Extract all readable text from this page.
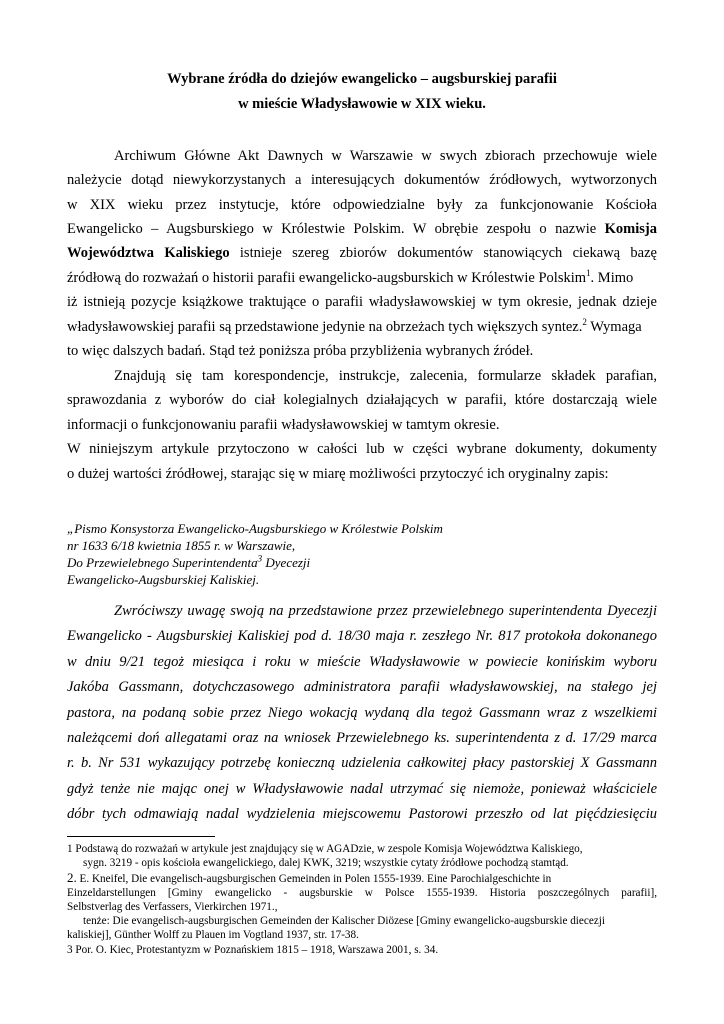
Wybrane źródła do dziejów ewangelicko – augsburskiej parafii
w mieście Władysławowie w XIX wieku.
Archiwum Główne Akt Dawnych w Warszawie w swych zbiorach przechowuje wiele
należycie dotąd niewykorzystanych a interesujących dokumentów źródłowych, wytworzonych
w XIX wieku przez instytucje, które odpowiedzialne były za funkcjonowanie Kościoła
Ewangelicko – Augsburskiego w Królestwie Polskim. W obrębie zespołu o nazwie Komisja
Województwa Kaliskiego istnieje szereg zbiorów dokumentów stanowiących ciekawą bazę
źródłową do rozważań o historii parafii ewangelicko-augsburskich w Królestwie Polskim$^1$. Mimo
iż istnieją pozycje książkowe traktujące o parafii władysławowskiej w tym okresie, jednak dzieje
władysławowskiej parafii są przedstawione jedynie na obrzeżach tych większych syntez.$^2$ Wymaga
to więc dalszych badań. Stąd też poniższa próba przybliżenia wybranych źródeł.
Znajdują się tam korespondencje, instrukcje, zalecenia, formularze składek parafian,
sprawozdania z wyborów do ciał kolegialnych działających w parafii, które dostarczają wiele
informacji o funkcjonowaniu parafii władysławowskiej w tamtym okresie.
W niniejszym artykule przytoczono w całości lub w części wybrane dokumenty, dokumenty
o dużej wartości źródłowej, starając się w miarę możliwości przytoczyć ich oryginalny zapis:
„Pismo Konsystorza Ewangelicko-Augsburskiego w Królestwie Polskim
nr 1633 6/18 kwietnia 1855 r. w Warszawie,
Do Przewielebnego Superintendenta$^3$ Dyecezji
Ewangelicko-Augsburskiej Kaliskiej.
Zwróciwszy uwagę swoją na przedstawione przez przewielebnego superintendenta Dyecezji
Ewangelicko - Augsburskiej Kaliskiej pod d. 18/30 maja r. zeszłego Nr. 817 protokoła dokonanego
w dniu 9/21 tegoż miesiąca i roku w mieście Władysławowie w powiecie konińskim wyboru
Jakóba Gassmann, dotychczasowego administratora parafii władysławowskiej, na stałego jej
pastora, na podaną sobie przez Niego wokacją wydaną dla tegoż Gassmann wraz z wszelkiemi
należącemi doń allegatami oraz na wniosek Przewielebnego ks. superintendenta z d. 17/29 marca
r. b. Nr 531 wykazujący potrzebę konieczną udzielenia całkowitej płacy pastorskiej X Gassmann
gdyż tenże nie mając onej w Władysławowie nadal utrzymać się niemoże, ponieważ właściciele
dóbr tych odmawiają nadal wydzielenia miejscowemu Pastorowi przeszło od lat pięćdziesięciu
1 Podstawą do rozważań w artykule jest znajdujący się w AGADzie, w zespole Komisja Województwa Kaliskiego,
sygn. 3219 - opis kościoła ewangelickiego, dalej KWK, 3219; wszystkie cytaty źródłowe pochodzą stamtąd.
2. E. Kneifel, Die evangelisch-augsburgischen Gemeinden in Polen 1555-1939. Eine Parochialgeschichte in
Einzeldarstellungen [Gminy ewangelicko - augsburskie w Polsce 1555-1939. Historia poszczególnych parafii],
Selbstverlag des Verfassers, Vierkirchen 1971.,
tenże: Die evangelisch-augsburgischen Gemeinden der Kalischer Diözese [Gminy ewangelicko-augsburskie diecezji
kaliskiej], Günther Wolff zu Plauen im Vogtland 1937, str. 17-38.
3 Por. O. Kiec, Protestantyzm w Poznańskiem 1815 – 1918, Warszawa 2001, s. 34.
